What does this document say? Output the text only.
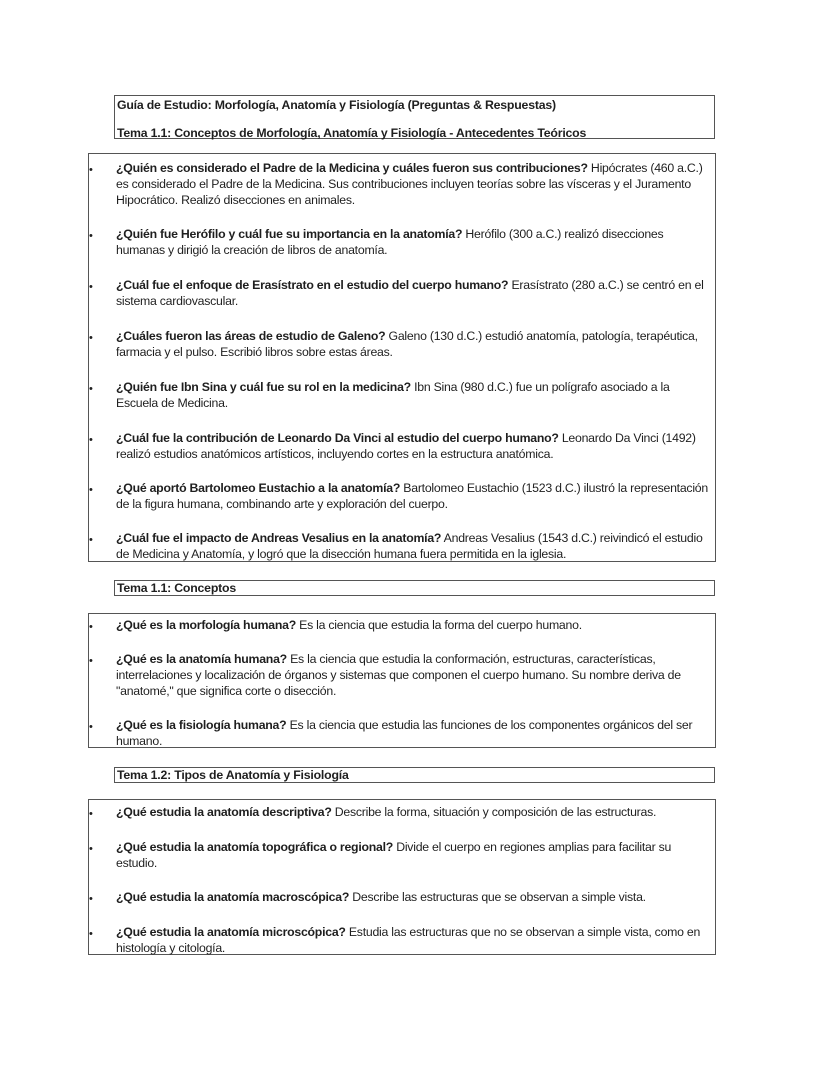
Guía de Estudio: Morfología, Anatomía y Fisiología (Preguntas & Respuestas)
Tema 1.1: Conceptos de Morfología, Anatomía y Fisiología - Antecedentes Teóricos
• ¿Quién es considerado el Padre de la Medicina y cuáles fueron sus contribuciones? Hipócrates (460 a.C.) es considerado el Padre de la Medicina. Sus contribuciones incluyen teorías sobre las vísceras y el Juramento Hipocrático. Realizó disecciones en animales.
• ¿Quién fue Herófilo y cuál fue su importancia en la anatomía? Herófilo (300 a.C.) realizó disecciones humanas y dirigió la creación de libros de anatomía.
• ¿Cuál fue el enfoque de Erasístrato en el estudio del cuerpo humano? Erasístrato (280 a.C.) se centró en el sistema cardiovascular.
• ¿Cuáles fueron las áreas de estudio de Galeno? Galeno (130 d.C.) estudió anatomía, patología, terapéutica, farmacia y el pulso. Escribió libros sobre estas áreas.
• ¿Quién fue Ibn Sina y cuál fue su rol en la medicina? Ibn Sina (980 d.C.) fue un polígrafo asociado a la Escuela de Medicina.
• ¿Cuál fue la contribución de Leonardo Da Vinci al estudio del cuerpo humano? Leonardo Da Vinci (1492) realizó estudios anatómicos artísticos, incluyendo cortes en la estructura anatómica.
• ¿Qué aportó Bartolomeo Eustachio a la anatomía? Bartolomeo Eustachio (1523 d.C.) ilustró la representación de la figura humana, combinando arte y exploración del cuerpo.
• ¿Cuál fue el impacto de Andreas Vesalius en la anatomía? Andreas Vesalius (1543 d.C.) reivindicó el estudio de Medicina y Anatomía, y logró que la disección humana fuera permitida en la iglesia.
Tema 1.1: Conceptos
• ¿Qué es la morfología humana? Es la ciencia que estudia la forma del cuerpo humano.
• ¿Qué es la anatomía humana? Es la ciencia que estudia la conformación, estructuras, características, interrelaciones y localización de órganos y sistemas que componen el cuerpo humano. Su nombre deriva de "anatomé," que significa corte o disección.
• ¿Qué es la fisiología humana? Es la ciencia que estudia las funciones de los componentes orgánicos del ser humano.
Tema 1.2: Tipos de Anatomía y Fisiología
• ¿Qué estudia la anatomía descriptiva? Describe la forma, situación y composición de las estructuras.
• ¿Qué estudia la anatomía topográfica o regional? Divide el cuerpo en regiones amplias para facilitar su estudio.
• ¿Qué estudia la anatomía macroscópica? Describe las estructuras que se observan a simple vista.
• ¿Qué estudia la anatomía microscópica? Estudia las estructuras que no se observan a simple vista, como en histología y citología.
